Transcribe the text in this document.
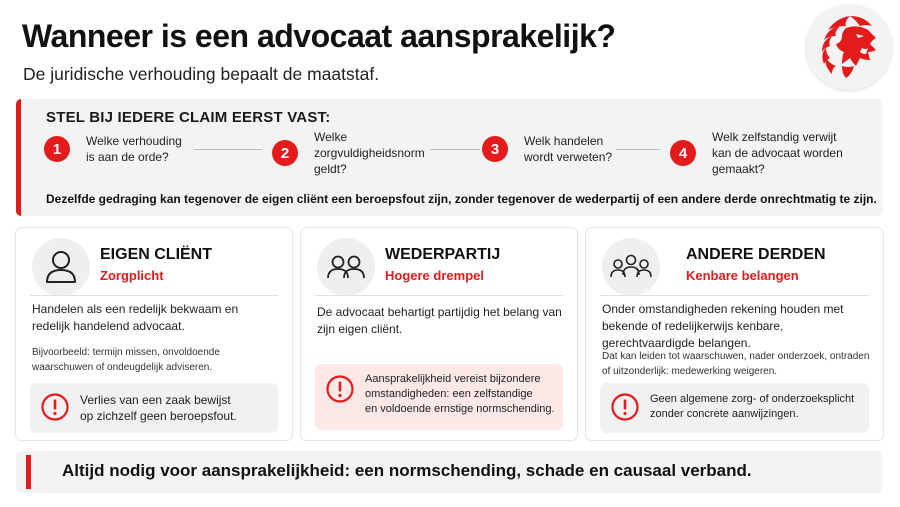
Wanneer is een advocaat aansprakelijk?
De juridische verhouding bepaalt de maatstaf.
STEL BIJ IEDERE CLAIM EERST VAST:
1	Welke verhouding
is aan de orde?	2
Welke
zorgvuldigheidsnorm
geldt?
3	Welk handelen
wordt verweten?	4
Welk zelfstandig verwijt
kan de advocaat worden
gemaakt?
Dezelfde gedraging kan tegenover de eigen cliënt een beroepsfout zijn, zonder tegenover de wederpartij of een andere derde onrechtmatig te zijn.
EIGEN CLIËNT
Zorgplicht
Handelen als een redelijk bekwaam en redelijk handelend advocaat.
Bijvoorbeeld: termijn missen, onvoldoende waarschuwen of ondeugdelijk adviseren.
Verlies van een zaak bewijst
op zichzelf geen beroepsfout.
WEDERPARTIJ
Hogere drempel
De advocaat behartigt partijdig het belang van zijn eigen cliënt.
Aansprakelijkheid vereist bijzondere
omstandigheden: een zelfstandige
en voldoende ernstige normschending.
ANDERE DERDEN
Kenbare belangen
Onder omstandigheden rekening houden met bekende of redelijkerwijs kenbare, gerechtvaardigde belangen.
Dat kan leiden tot waarschuwen, nader onderzoek, ontraden of uitzonderlijk: medewerking weigeren.
Geen algemene zorg- of onderzoeksplicht
zonder concrete aanwijzingen.
Altijd nodig voor aansprakelijkheid: een normschending, schade en causaal verband.
